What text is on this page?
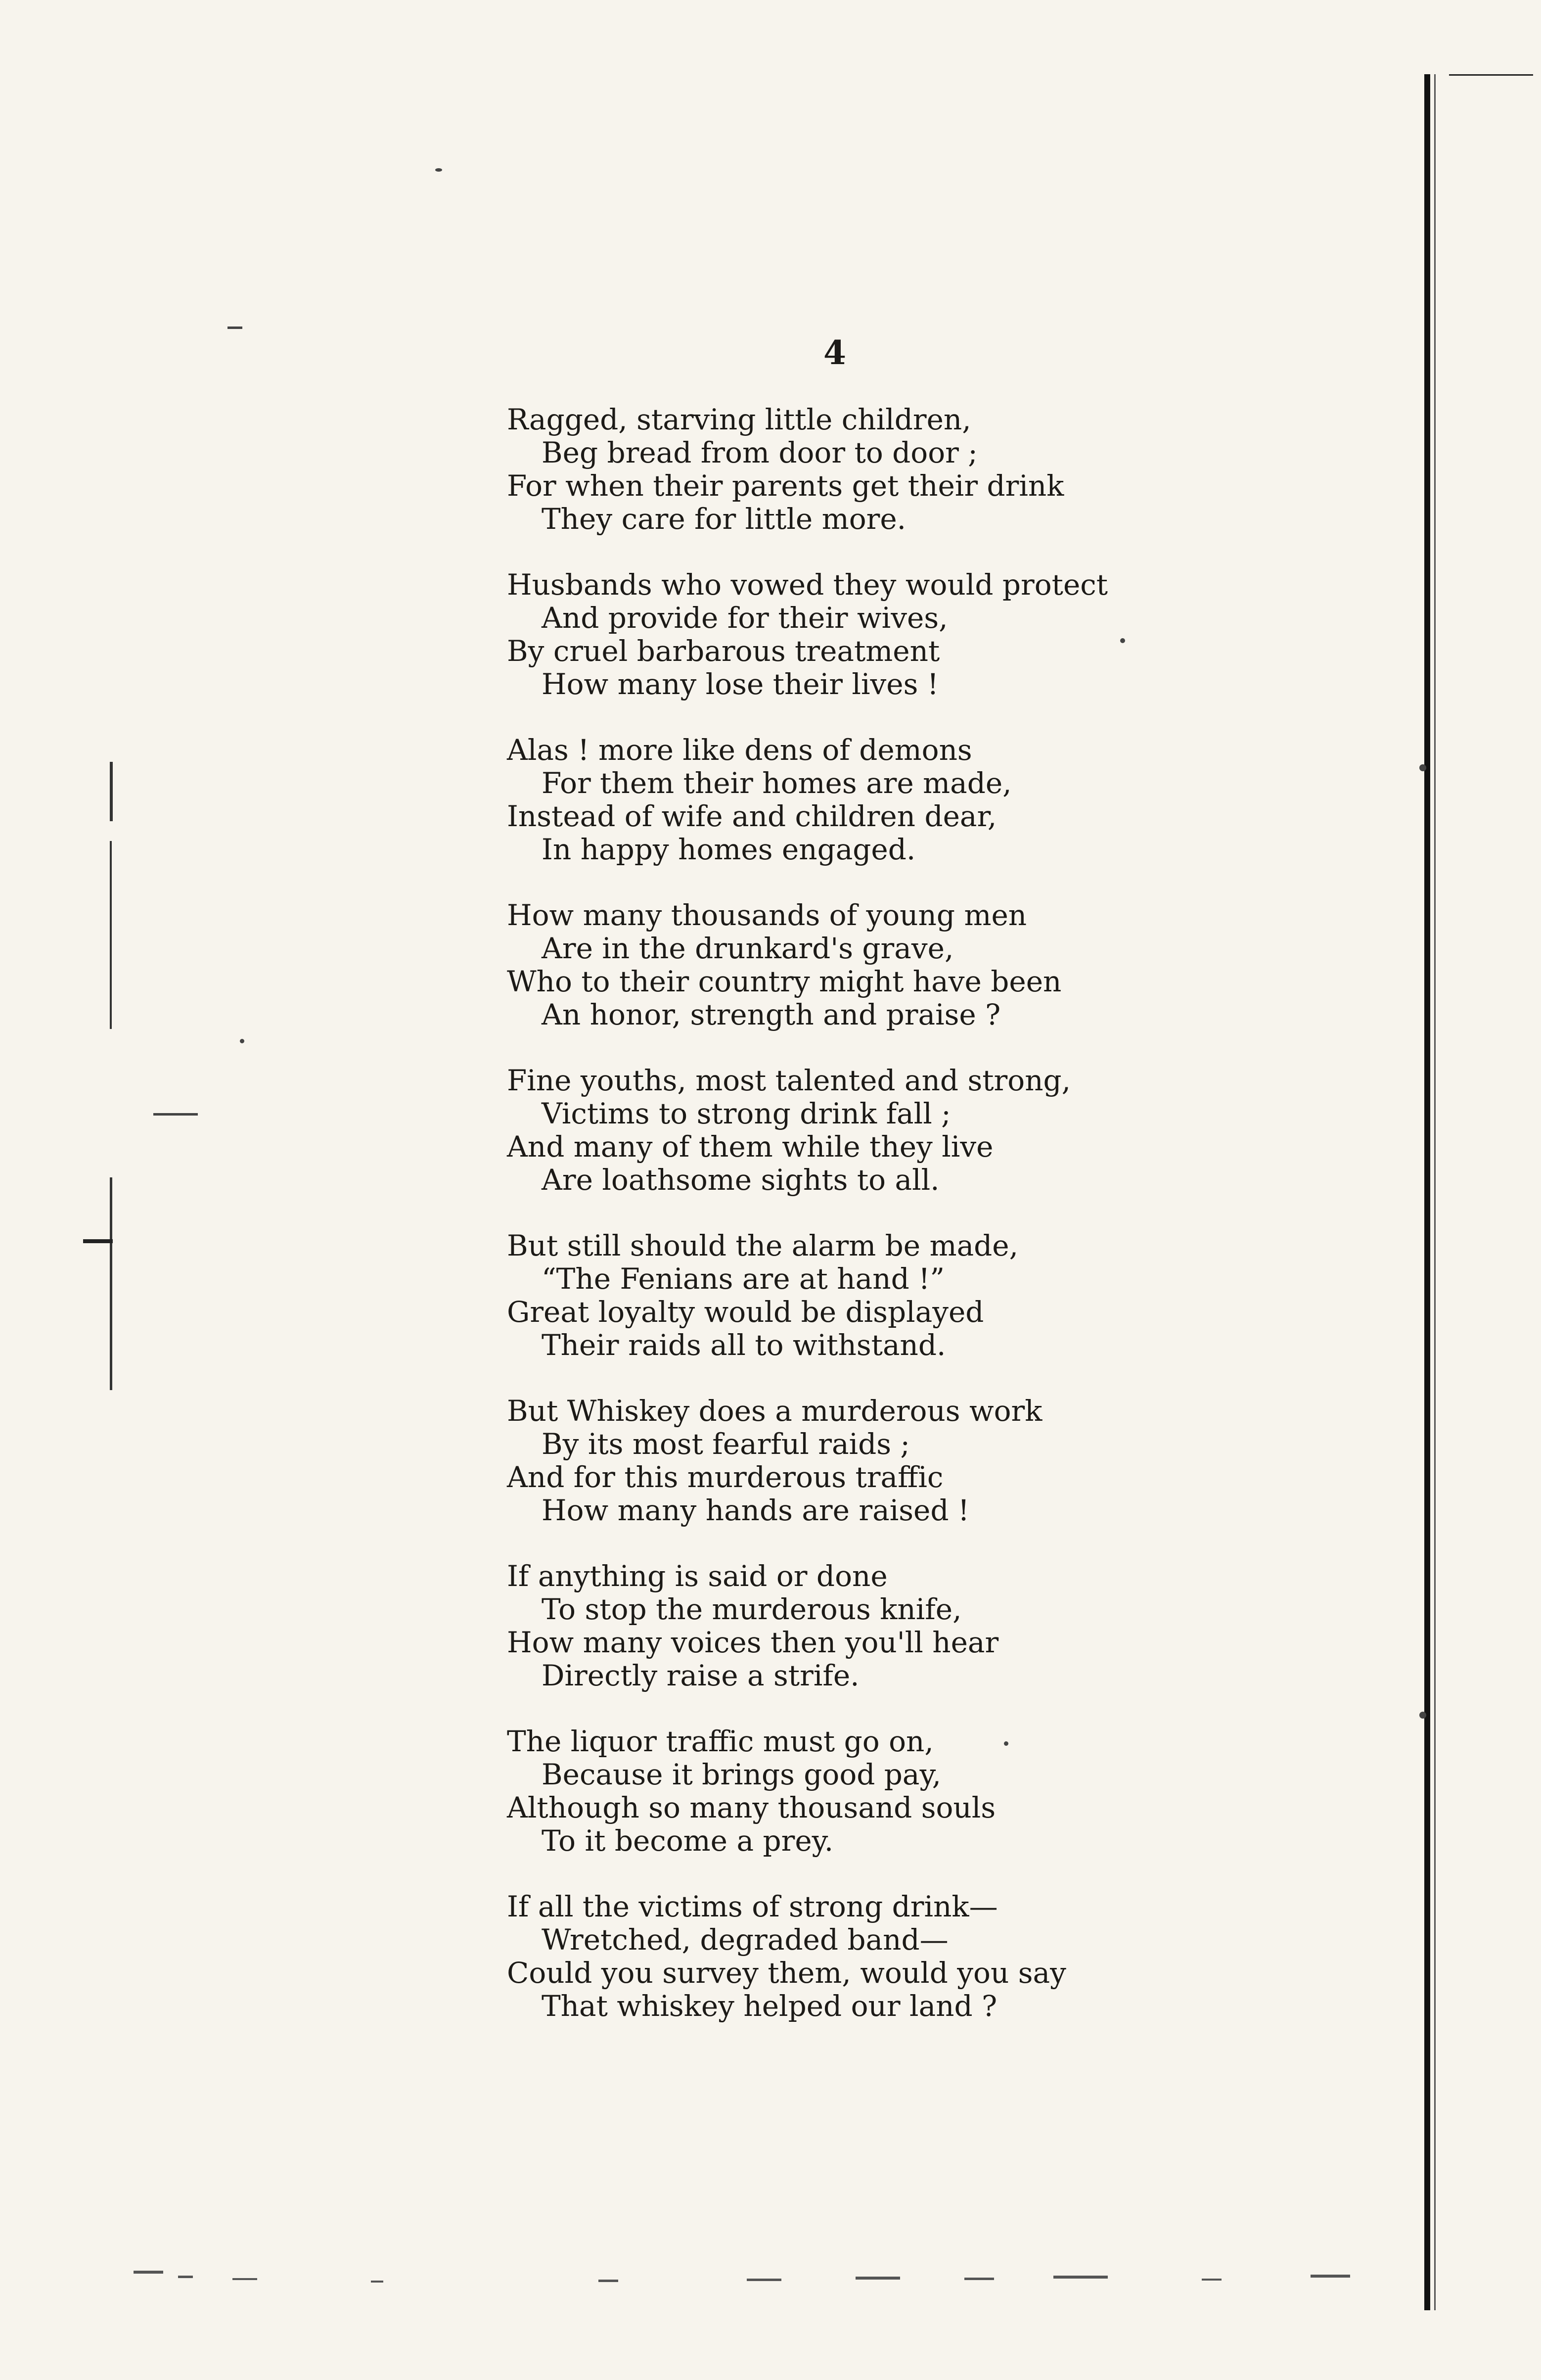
4
Ragged, starving little children,
Beg bread from door to door ;
For when their parents get their drink
They care for little more.
Husbands who vowed they would protect
And provide for their wives,
By cruel barbarous treatment
How many lose their lives !
Alas ! more like dens of demons
For them their homes are made,
Instead of wife and children dear,
In happy homes engaged.
How many thousands of young men
Are in the drunkard's grave,
Who to their country might have been
An honor, strength and praise ?
Fine youths, most talented and strong,
Victims to strong drink fall ;
And many of them while they live
Are loathsome sights to all.
But still should the alarm be made,
“The Fenians are at hand !”
Great loyalty would be displayed
Their raids all to withstand.
But Whiskey does a murderous work
By its most fearful raids ;
And for this murderous traffic
How many hands are raised !
If anything is said or done
To stop the murderous knife,
How many voices then you'll hear
Directly raise a strife.
The liquor traffic must go on,
Because it brings good pay,
Although so many thousand souls
To it become a prey.
If all the victims of strong drink—
Wretched, degraded band—
Could you survey them, would you say
That whiskey helped our land ?
